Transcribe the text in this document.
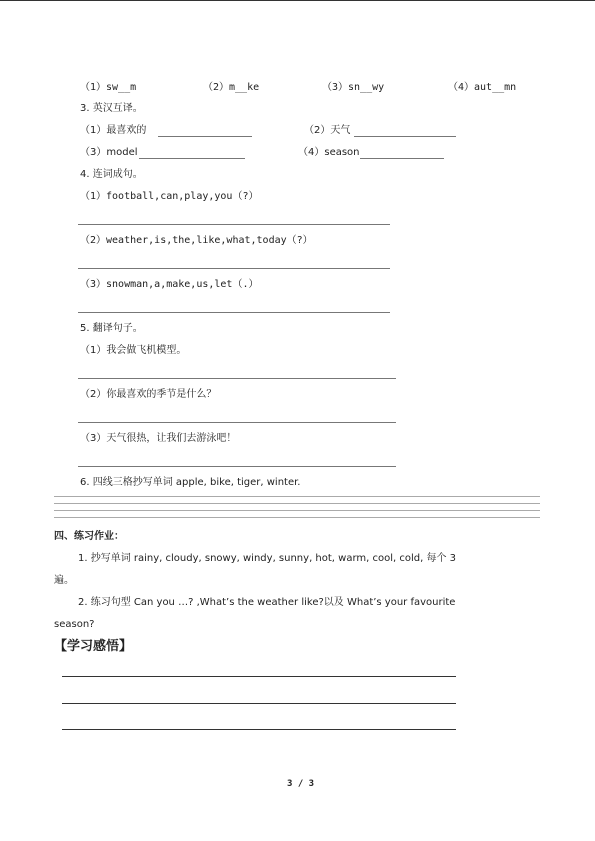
（1）sw__m	（2）m__ke	（3）sn__wy	（4）aut__mn
3. 英汉互译。
（1）最喜欢的	（2）天气
（3）model	（4）season
4. 连词成句。
（1）football,can,play,you（?）
（2）weather,is,the,like,what,today（?）
（3）snowman,a,make,us,let（.）
5. 翻译句子。
（1）我会做飞机模型。
（2）你最喜欢的季节是什么？
（3）天气很热，让我们去游泳吧！
6. 四线三格抄写单词 apple, bike, tiger, winter.
四、练习作业：
1. 抄写单词 rainy, cloudy, snowy, windy, sunny, hot, warm, cool, cold, 每个 3
遍。
2. 练习句型 Can you …? ,What’s the weather like?以及 What’s your favourite
season?
【学习感悟】
3 / 3
